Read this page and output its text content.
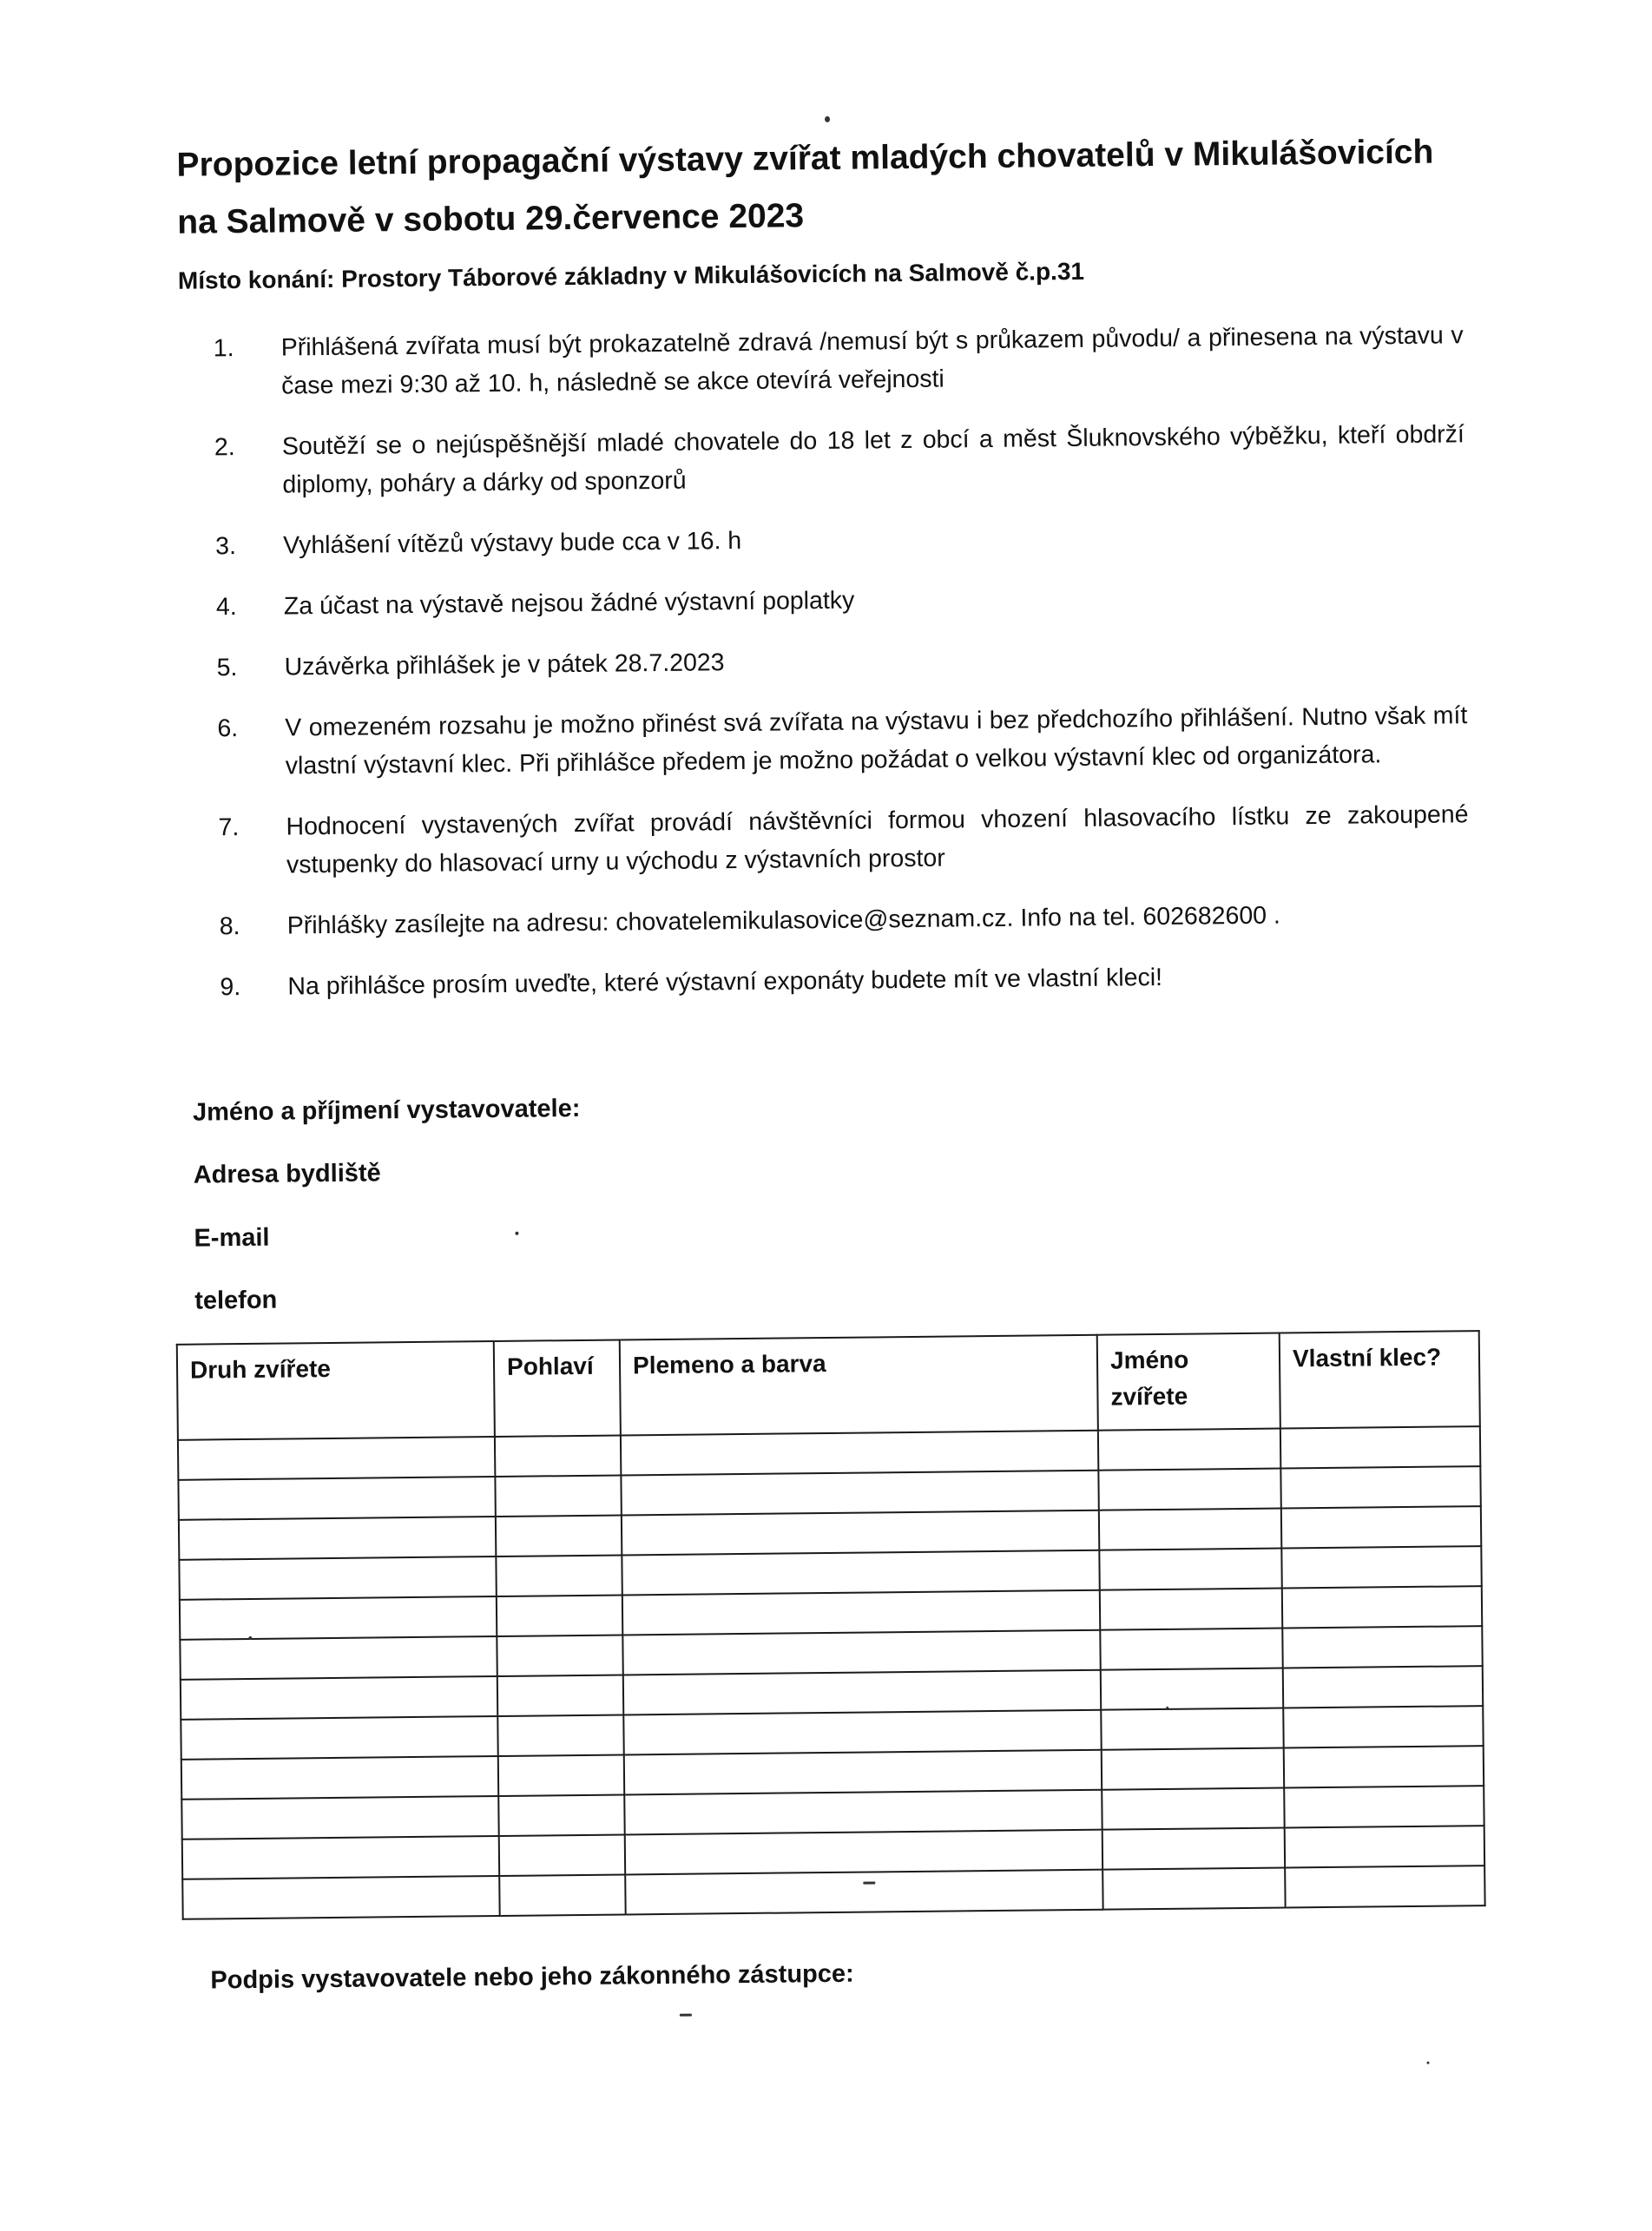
Propozice letní propagační výstavy zvířat mladých chovatelů v Mikulášovicích na Salmově v sobotu 29.července 2023
Místo konání: Prostory Táborové základny v Mikulášovicích na Salmově č.p.31
1. Přihlášená zvířata musí být prokazatelně zdravá /nemusí být s průkazem původu/ a přinesena na výstavu v čase mezi 9:30 až 10. h, následně se akce otevírá veřejnosti
2. Soutěží se o nejúspěšnější mladé chovatele do 18 let z obcí a měst Šluknovského výběžku, kteří obdrží diplomy, poháry a dárky od sponzorů
3. Vyhlášení vítězů výstavy bude cca v 16. h
4. Za účast na výstavě nejsou žádné výstavní poplatky
5. Uzávěrka přihlášek je v pátek 28.7.2023
6. V omezeném rozsahu je možno přinést svá zvířata na výstavu i bez předchozího přihlášení. Nutno však mít vlastní výstavní klec. Při přihlášce předem je možno požádat o velkou výstavní klec od organizátora.
7. Hodnocení vystavených zvířat provádí návštěvníci formou vhození hlasovacího lístku ze zakoupené vstupenky do hlasovací urny u východu z výstavních prostor
8. Přihlášky zasílejte na adresu: chovatelemikulasovice@seznam.cz. Info na tel. 602682600 .
9. Na přihlášce prosím uveďte, které výstavní exponáty budete mít ve vlastní kleci!
Jméno a příjmení vystavovatele:
Adresa bydliště
E-mail
telefon
Druh zvířete	Pohlaví	Plemeno a barva	Jméno zvířete	Vlastní klec?

Podpis vystavovatele nebo jeho zákonného zástupce:
